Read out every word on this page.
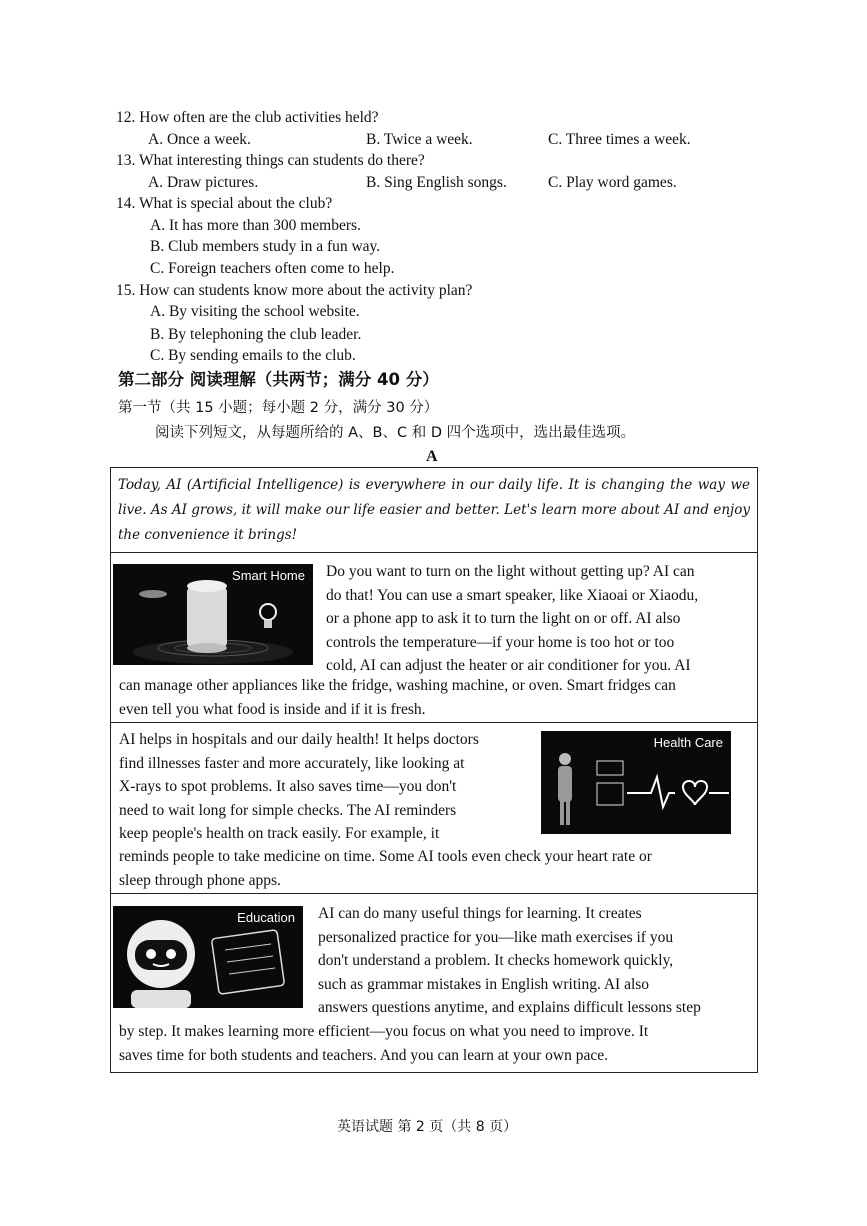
12. How often are the club activities held?
A. Once a week.	B. Twice a week.	C. Three times a week.
13. What interesting things can students do there?
A. Draw pictures.	B. Sing English songs.	C. Play word games.
14. What is special about the club?
A. It has more than 300 members.
B. Club members study in a fun way.
C. Foreign teachers often come to help.
15. How can students know more about the activity plan?
A. By visiting the school website.
B. By telephoning the club leader.
C. By sending emails to the club.
第二部分 阅读理解（共两节；满分 40 分）
第一节（共 15 小题；每小题 2 分，满分 30 分）
阅读下列短文，从每题所给的 A、B、C 和 D 四个选项中，选出最佳选项。
A
Today, AI (Artificial Intelligence) is everywhere in our daily life. It is changing the way we live. As AI grows, it will make our life easier and better. Let's learn more about AI and enjoy the convenience it brings!
Smart Home Do you want to turn on the light without getting up? AI can
do that! You can use a smart speaker, like Xiaoai or Xiaodu,
or a phone app to ask it to turn the light on or off. AI also
controls the temperature—if your home is too hot or too
cold, AI can adjust the heater or air conditioner for you. AI
can manage other appliances like the fridge, washing machine, or oven. Smart fridges can
even tell you what food is inside and if it is fresh.
AI helps in hospitals and our daily health! It helps doctors
find illnesses faster and more accurately, like looking at
X-rays to spot problems. It also saves time—you don't
need to wait long for simple checks. The AI reminders
keep people's health on track easily. For example, it
Health Care
reminds people to take medicine on time. Some AI tools even check your heart rate or
sleep through phone apps.
Education AI can do many useful things for learning. It creates
personalized practice for you—like math exercises if you
don't understand a problem. It checks homework quickly,
such as grammar mistakes in English writing. AI also
answers questions anytime, and explains difficult lessons step
by step. It makes learning more efficient—you focus on what you need to improve. It
saves time for both students and teachers. And you can learn at your own pace.
英语试题 第 2 页（共 8 页）
